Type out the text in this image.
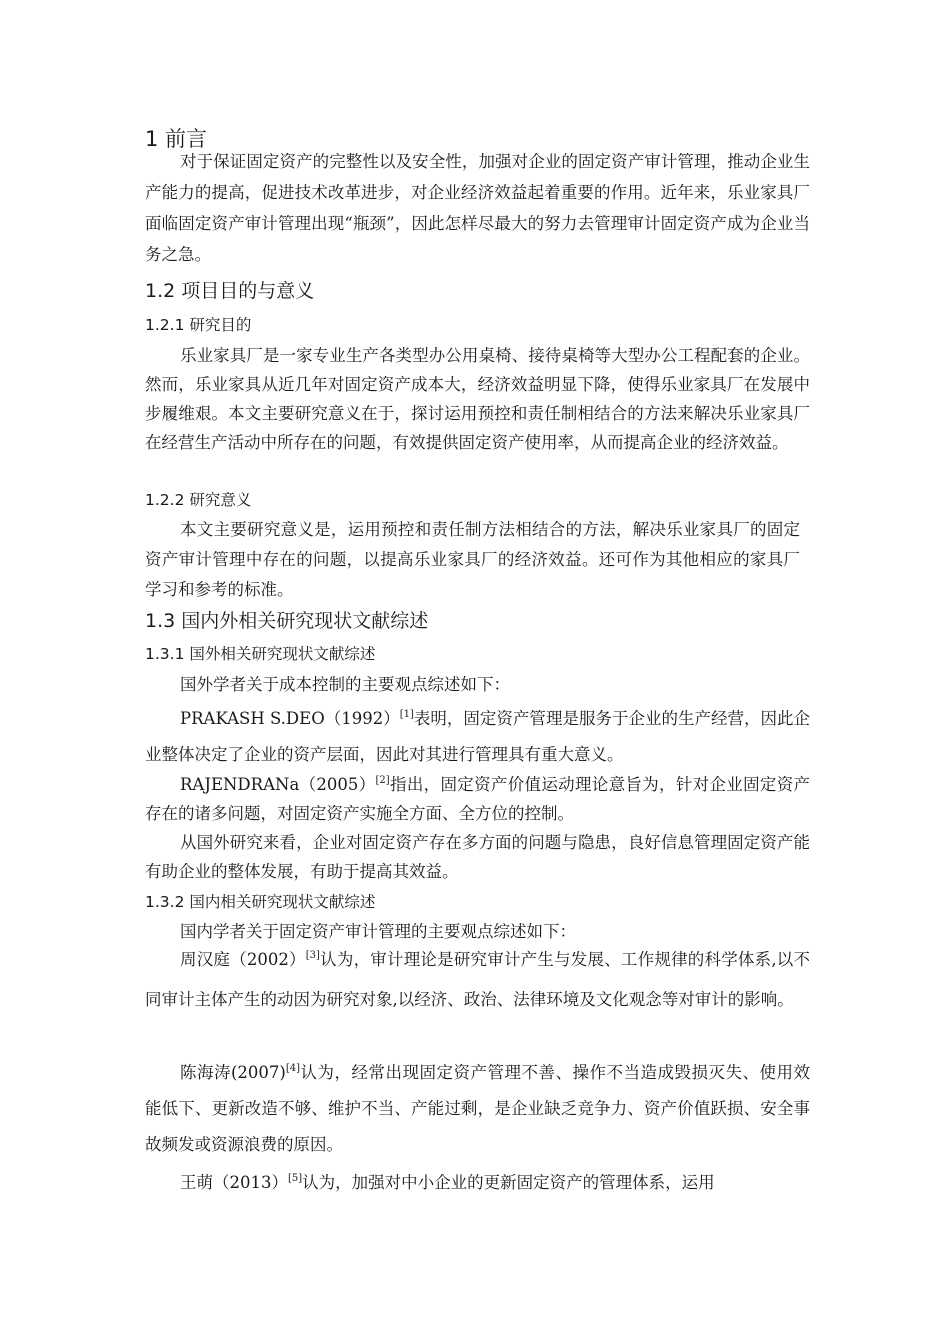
1 前言

对于保证固定资产的完整性以及安全性，加强对企业的固定资产审计管理，推动企业生产能力的提高，促进技术改革进步，对企业经济效益起着重要的作用。近年来，乐业家具厂面临固定资产审计管理出现“瓶颈”，因此怎样尽最大的努力去管理审计固定资产成为企业当务之急。

1.2 项目目的与意义
1.2.1 研究目的

乐业家具厂是一家专业生产各类型办公用桌椅、接待桌椅等大型办公工程配套的企业。然而，乐业家具从近几年对固定资产成本大，经济效益明显下降，使得乐业家具厂在发展中步履维艰。本文主要研究意义在于，探讨运用预控和责任制相结合的方法来解决乐业家具厂在经营生产活动中所存在的问题，有效提供固定资产使用率，从而提高企业的经济效益。

1.2.2 研究意义

本文主要研究意义是，运用预控和责任制方法相结合的方法，解决乐业家具厂的固定资产审计管理中存在的问题，以提高乐业家具厂的经济效益。还可作为其他相应的家具厂学习和参考的标准。

1.3 国内外相关研究现状文献综述
1.3.1 国外相关研究现状文献综述

国外学者关于成本控制的主要观点综述如下：

PRAKASH S.DEO（1992）[1]表明，固定资产管理是服务于企业的生产经营，因此企业整体决定了企业的资产层面，因此对其进行管理具有重大意义。

RAJENDRANa（2005）[2]指出，固定资产价值运动理论意旨为，针对企业固定资产存在的诸多问题，对固定资产实施全方面、全方位的控制。

从国外研究来看，企业对固定资产存在多方面的问题与隐患，良好信息管理固定资产能有助企业的整体发展，有助于提高其效益。

1.3.2 国内相关研究现状文献综述

国内学者关于固定资产审计管理的主要观点综述如下：

周汉庭（2002）[3]认为，审计理论是研究审计产生与发展、工作规律的科学体系,以不同审计主体产生的动因为研究对象,以经济、政治、法律环境及文化观念等对审计的影响。

陈海涛(2007)[4]认为，经常出现固定资产管理不善、操作不当造成毁损灭失、使用效能低下、更新改造不够、维护不当、产能过剩，是企业缺乏竞争力、资产价值跃损、安全事故频发或资源浪费的原因。

王萌（2013）[5]认为，加强对中小企业的更新固定资产的管理体系，运用
